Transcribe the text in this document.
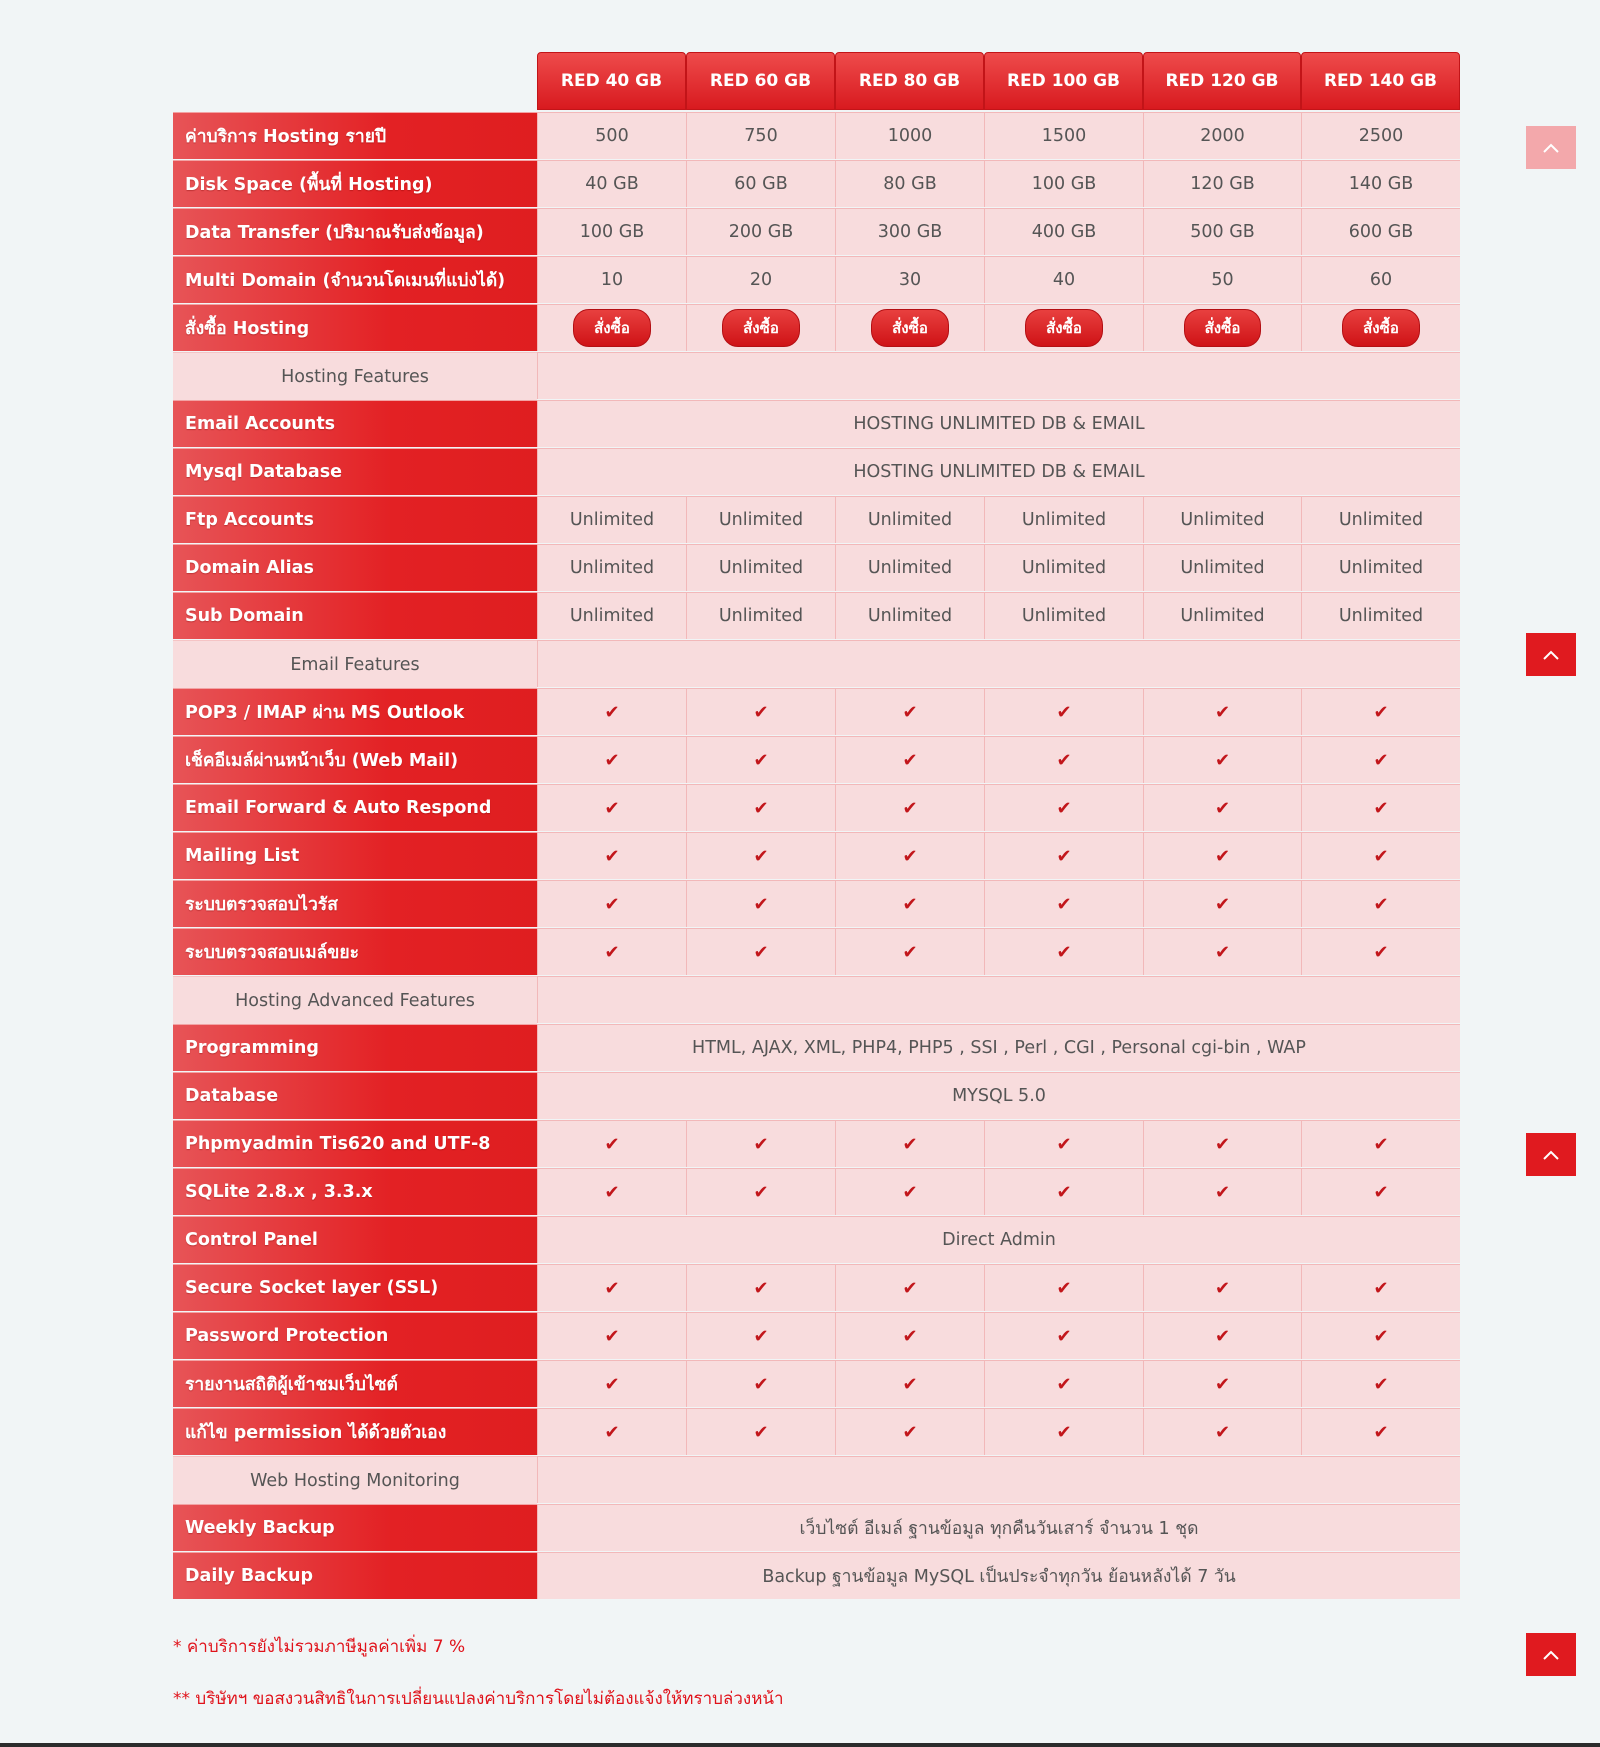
RED 40 GB	RED 60 GB	RED 80 GB	RED 100 GB	RED 120 GB	RED 140 GB
ค่าบริการ Hosting รายปี	500	750	1000	1500	2000	2500
Disk Space (พื้นที่ Hosting)	40 GB	60 GB	80 GB	100 GB	120 GB	140 GB
Data Transfer (ปริมาณรับส่งข้อมูล)	100 GB	200 GB	300 GB	400 GB	500 GB	600 GB
Multi Domain (จำนวนโดเมนที่แบ่งได้)	10	20	30	40	50	60
สั่งซื้อ Hosting	สั่งซื้อ	สั่งซื้อ	สั่งซื้อ	สั่งซื้อ	สั่งซื้อ	สั่งซื้อ
Hosting Features
Email Accounts	HOSTING UNLIMITED DB & EMAIL
Mysql Database	HOSTING UNLIMITED DB & EMAIL
Ftp Accounts	Unlimited	Unlimited	Unlimited	Unlimited	Unlimited	Unlimited
Domain Alias	Unlimited	Unlimited	Unlimited	Unlimited	Unlimited	Unlimited
Sub Domain	Unlimited	Unlimited	Unlimited	Unlimited	Unlimited	Unlimited
Email Features
POP3 / IMAP ผ่าน MS Outlook	✔	✔	✔	✔	✔	✔
เช็คอีเมล์ผ่านหน้าเว็บ (Web Mail)	✔	✔	✔	✔	✔	✔
Email Forward & Auto Respond	✔	✔	✔	✔	✔	✔
Mailing List	✔	✔	✔	✔	✔	✔
ระบบตรวจสอบไวรัส	✔	✔	✔	✔	✔	✔
ระบบตรวจสอบเมล์ขยะ	✔	✔	✔	✔	✔	✔
Hosting Advanced Features
Programming	HTML, AJAX, XML, PHP4, PHP5 , SSI , Perl , CGI , Personal cgi-bin , WAP
Database	MYSQL 5.0
Phpmyadmin Tis620 and UTF-8	✔	✔	✔	✔	✔	✔
SQLite 2.8.x , 3.3.x	✔	✔	✔	✔	✔	✔
Control Panel	Direct Admin
Secure Socket layer (SSL)	✔	✔	✔	✔	✔	✔
Password Protection	✔	✔	✔	✔	✔	✔
รายงานสถิติผู้เข้าชมเว็บไซต์	✔	✔	✔	✔	✔	✔
แก้ไข permission ได้ด้วยตัวเอง	✔	✔	✔	✔	✔	✔
Web Hosting Monitoring
Weekly Backup	เว็บไซต์ อีเมล์ ฐานข้อมูล ทุกคืนวันเสาร์ จำนวน 1 ชุด
Daily Backup	Backup ฐานข้อมูล MySQL เป็นประจำทุกวัน ย้อนหลังได้ 7 วัน
* ค่าบริการยังไม่รวมภาษีมูลค่าเพิ่ม 7 %
** บริษัทฯ ขอสงวนสิทธิในการเปลี่ยนแปลงค่าบริการโดยไม่ต้องแจ้งให้ทราบล่วงหน้า
